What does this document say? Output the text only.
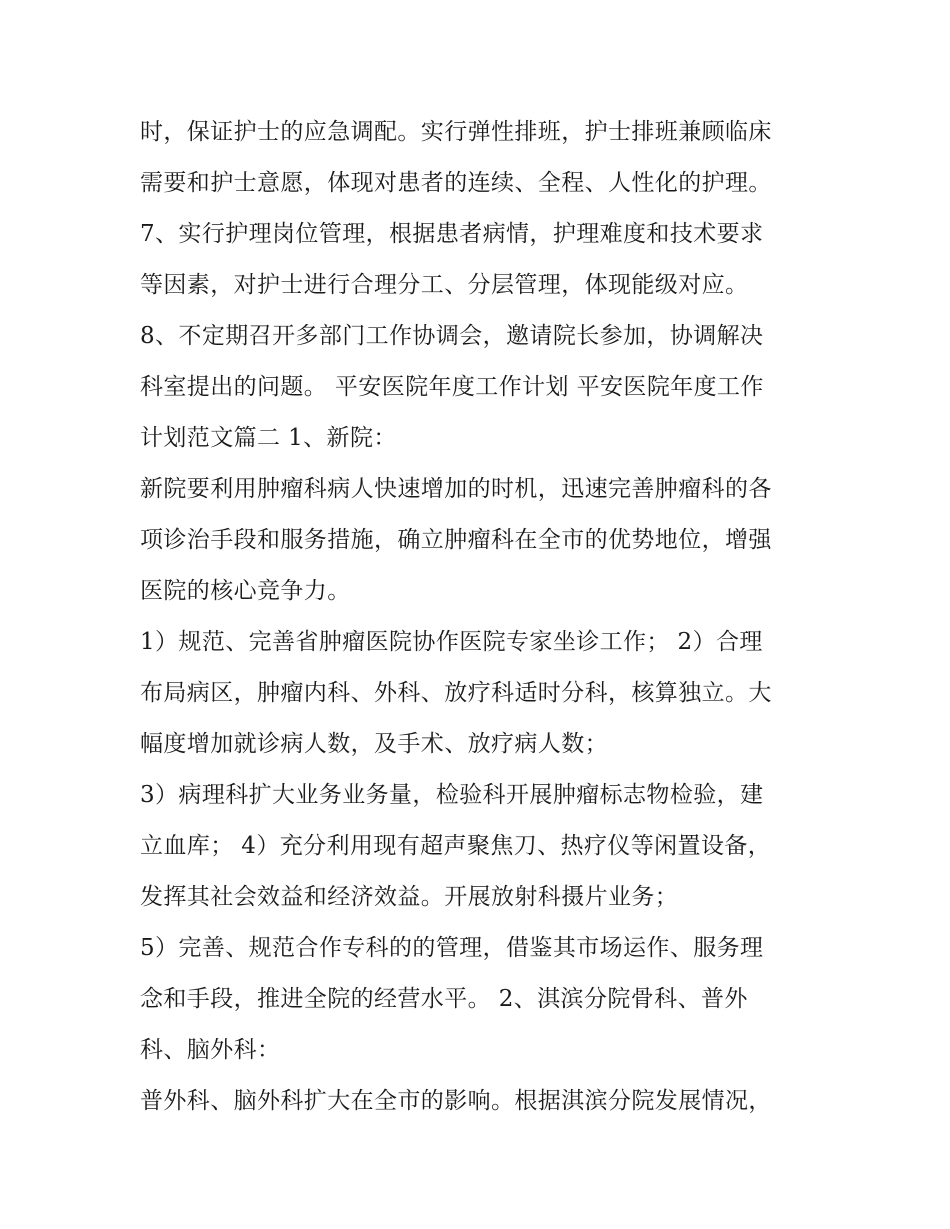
时，保证护士的应急调配。实行弹性排班，护士排班兼顾临床
需要和护士意愿，体现对患者的连续、全程、人性化的护理。
7、实行护理岗位管理，根据患者病情，护理难度和技术要求
等因素，对护士进行合理分工、分层管理，体现能级对应。
8、不定期召开多部门工作协调会，邀请院长参加，协调解决
科室提出的问题。 平安医院年度工作计划 平安医院年度工作
计划范文篇二 1、新院：
新院要利用肿瘤科病人快速增加的时机，迅速完善肿瘤科的各
项诊治手段和服务措施，确立肿瘤科在全市的优势地位，增强
医院的核心竞争力。
1）规范、完善省肿瘤医院协作医院专家坐诊工作； 2）合理
布局病区，肿瘤内科、外科、放疗科适时分科，核算独立。大
幅度增加就诊病人数，及手术、放疗病人数；
3）病理科扩大业务业务量，检验科开展肿瘤标志物检验，建
立血库； 4）充分利用现有超声聚焦刀、热疗仪等闲置设备，
发挥其社会效益和经济效益。开展放射科摄片业务；
5）完善、规范合作专科的的管理，借鉴其市场运作、服务理
念和手段，推进全院的经营水平。 2、淇滨分院骨科、普外
科、脑外科：
普外科、脑外科扩大在全市的影响。根据淇滨分院发展情况，
